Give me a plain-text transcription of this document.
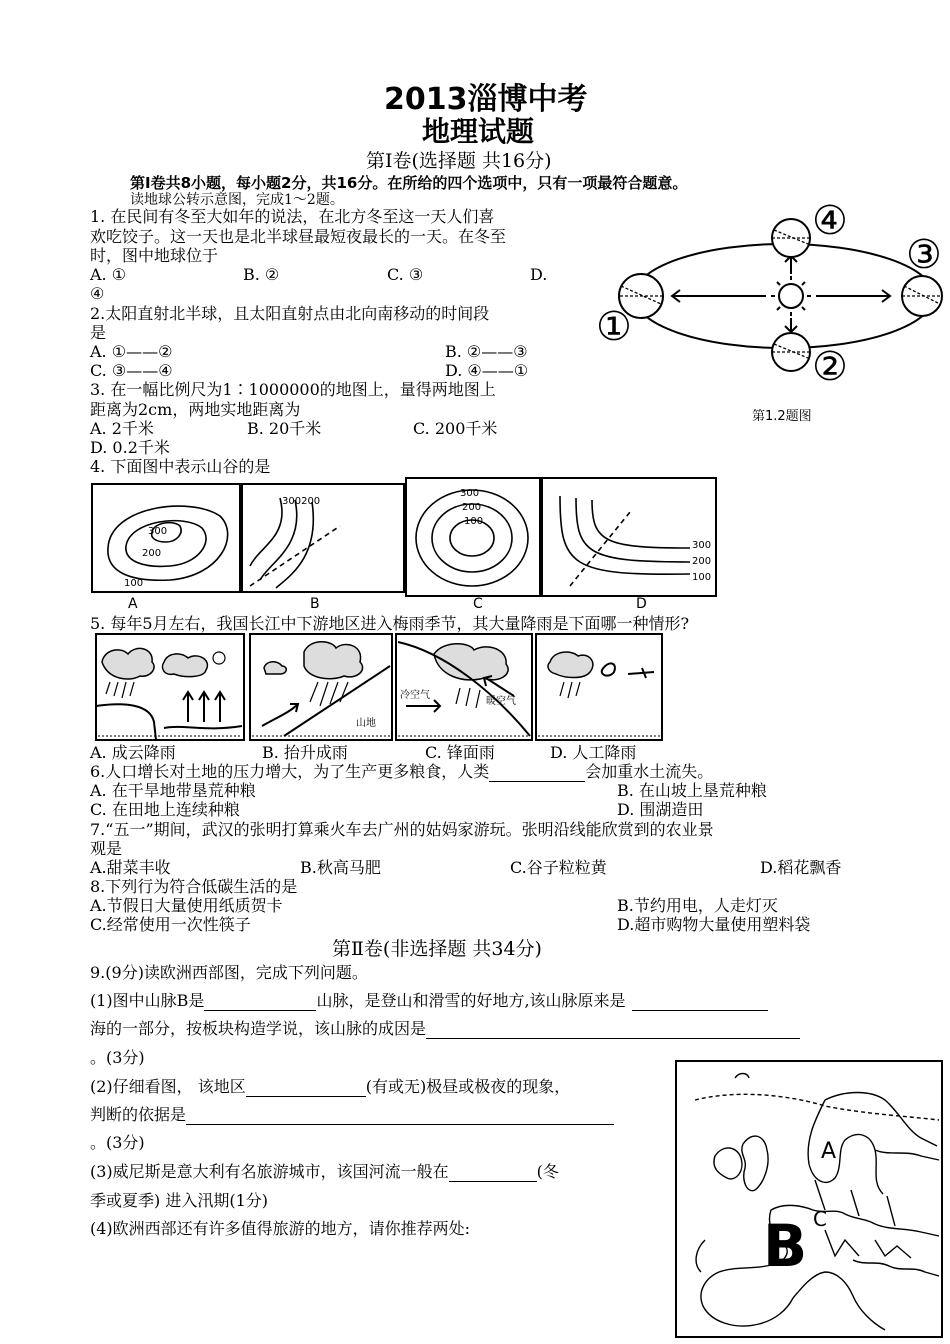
2013淄博中考
地理试题
第Ⅰ卷(选择题 共16分)
第Ⅰ卷共8小题，每小题2分，共16分。在所给的四个选项中，只有一项最符合题意。
读地球公转示意图，完成1～2题。
1. 在民间有冬至大如年的说法，在北方冬至这一天人们喜
欢吃饺子。这一天也是北半球昼最短夜最长的一天。在冬至
时，图中地球位于
A. ①	B. ②	C. ③	D.
④
2.太阳直射北半球，且太阳直射点由北向南移动的时间段
是
A. ①——②	B. ②——③
C. ③——④	D. ④——①
3. 在一幅比例尺为1∶1000000的地图上，量得两地图上
距离为2cm，两地实地距离为
A. 2千米	B. 20千米	C. 200千米
D. 0.2千米
①
②
③
④
第1.2题图
4. 下面图中表示山谷的是
300
200
100
300200
300
200
100
300
200
100
A	B	C	D
5. 每年5月左右，我国长江中下游地区进入梅雨季节，其大量降雨是下面哪一种情形?
山地
冷空气
暖空气
A. 成云降雨	B. 抬升成雨	C. 锋面雨	D. 人工降雨
6.人口增长对土地的压力增大，为了生产更多粮食，人类	会加重水土流失。
A. 在干旱地带垦荒种粮	B. 在山坡上垦荒种粮
C. 在田地上连续种粮	D. 围湖造田
7.“五一”期间，武汉的张明打算乘火车去广州的姑妈家游玩。张明沿线能欣赏到的农业景
观是
A.甜菜丰收	B.秋高马肥	C.谷子粒粒黄	D.稻花飘香
8.下列行为符合低碳生活的是
A.节假日大量使用纸质贺卡	B.节约用电，人走灯灭
C.经常使用一次性筷子	D.超市购物大量使用塑料袋
第Ⅱ卷(非选择题 共34分)
9.(9分)读欧洲西部图，完成下列问题。
(1)图中山脉B是	山脉，是登山和滑雪的好地方,该山脉原来是
海的一部分，按板块构造学说，该山脉的成因是
。(3分)
(2)仔细看图， 该地区	(有或无)极昼或极夜的现象，
判断的依据是
。(3分)
(3)威尼斯是意大利有名旅游城市，该国河流一般在	(冬
季或夏季) 进入汛期(1分)
(4)欧洲西部还有许多值得旅游的地方，请你推荐两处:
A
B C
